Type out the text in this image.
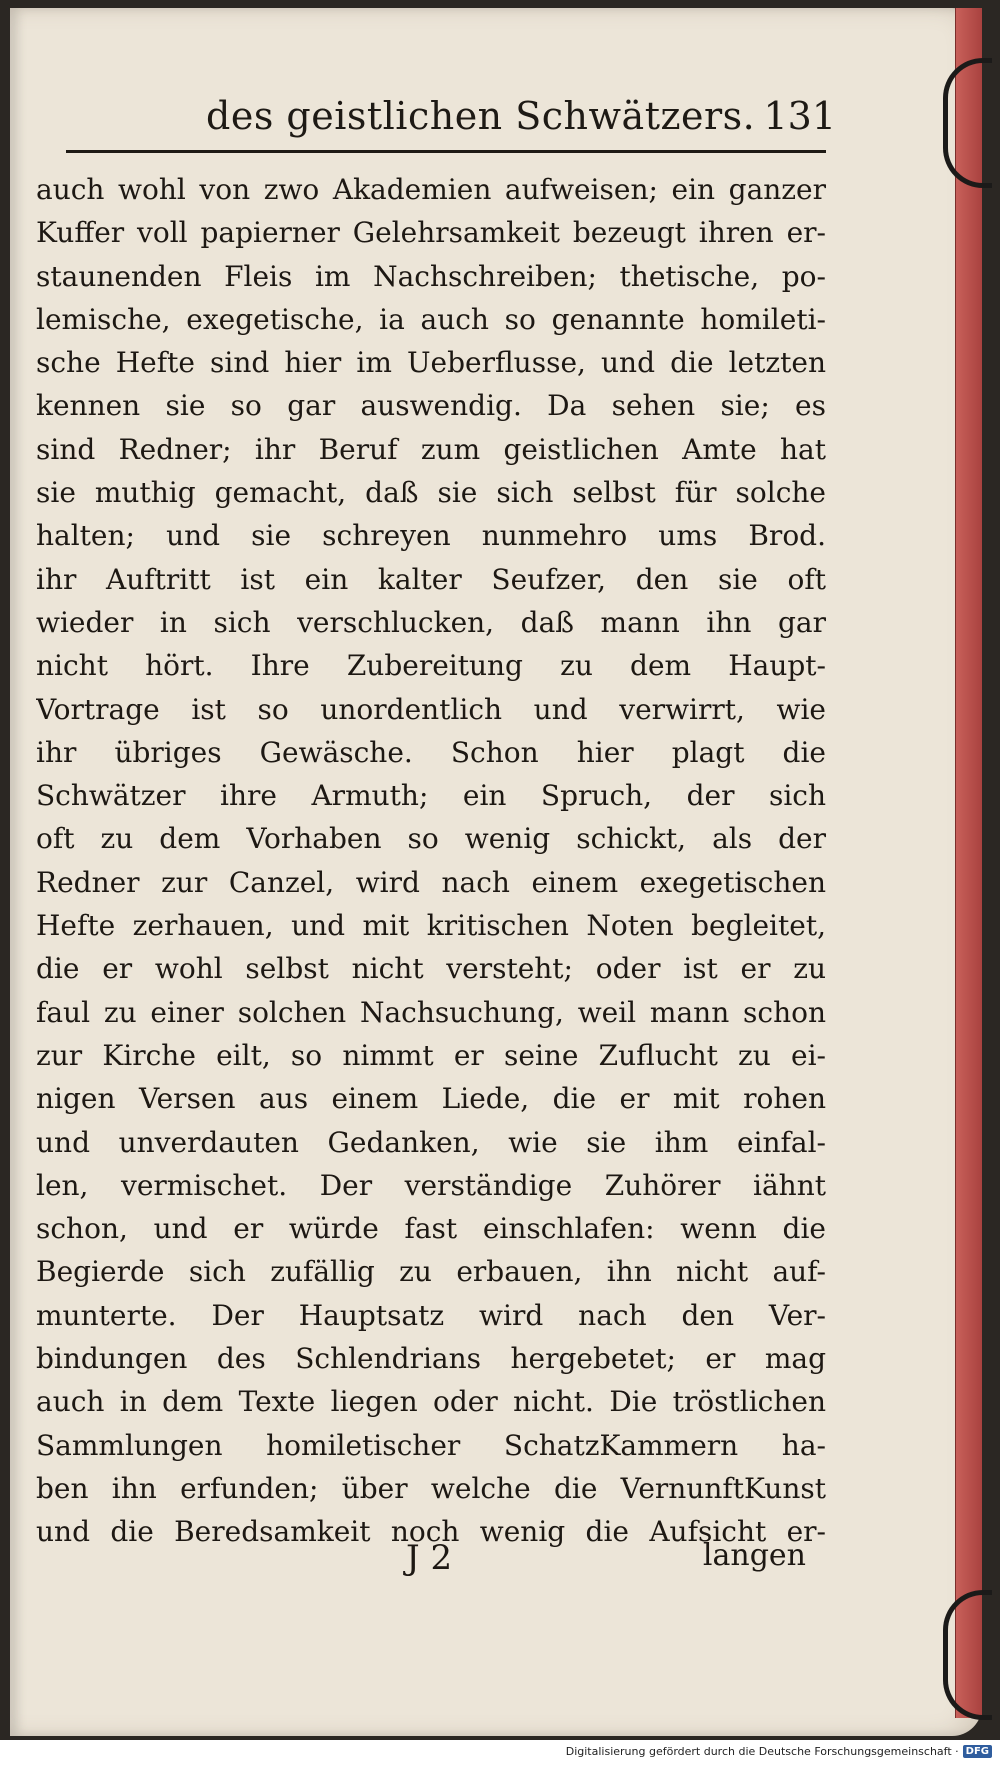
des geistlichen Schwätzers. 131
auch wohl von zwo Akademien aufweisen; ein ganzer
Kuffer voll papierner Gelehrsamkeit bezeugt ihren er-
staunenden Fleis im Nachschreiben; thetische, po-
lemische, exegetische, ia auch so genannte homileti-
sche Hefte sind hier im Ueberflusse, und die letzten
kennen sie so gar auswendig. Da sehen sie; es
sind Redner; ihr Beruf zum geistlichen Amte hat
sie muthig gemacht, daß sie sich selbst für solche
halten; und sie schreyen nunmehro ums Brod.
ihr Auftritt ist ein kalter Seufzer, den sie oft
wieder in sich verschlucken, daß mann ihn gar
nicht hört. Ihre Zubereitung zu dem Haupt-
Vortrage ist so unordentlich und verwirrt, wie
ihr übriges Gewäsche. Schon hier plagt die
Schwätzer ihre Armuth; ein Spruch, der sich
oft zu dem Vorhaben so wenig schickt, als der
Redner zur Canzel, wird nach einem exegetischen
Hefte zerhauen, und mit kritischen Noten begleitet,
die er wohl selbst nicht versteht; oder ist er zu
faul zu einer solchen Nachsuchung, weil mann schon
zur Kirche eilt, so nimmt er seine Zuflucht zu ei-
nigen Versen aus einem Liede, die er mit rohen
und unverdauten Gedanken, wie sie ihm einfal-
len, vermischet. Der verständige Zuhörer iähnt
schon, und er würde fast einschlafen: wenn die
Begierde sich zufällig zu erbauen, ihn nicht auf-
munterte. Der Hauptsatz wird nach den Ver-
bindungen des Schlendrians hergebetet; er mag
auch in dem Texte liegen oder nicht. Die tröstlichen
Sammlungen homiletischer SchatzKammern ha-
ben ihn erfunden; über welche die VernunftKunst
und die Beredsamkeit noch wenig die Aufsicht er-
J 2	langen
Digitalisierung gefördert durch die Deutsche Forschungsgemeinschaft · DFG
